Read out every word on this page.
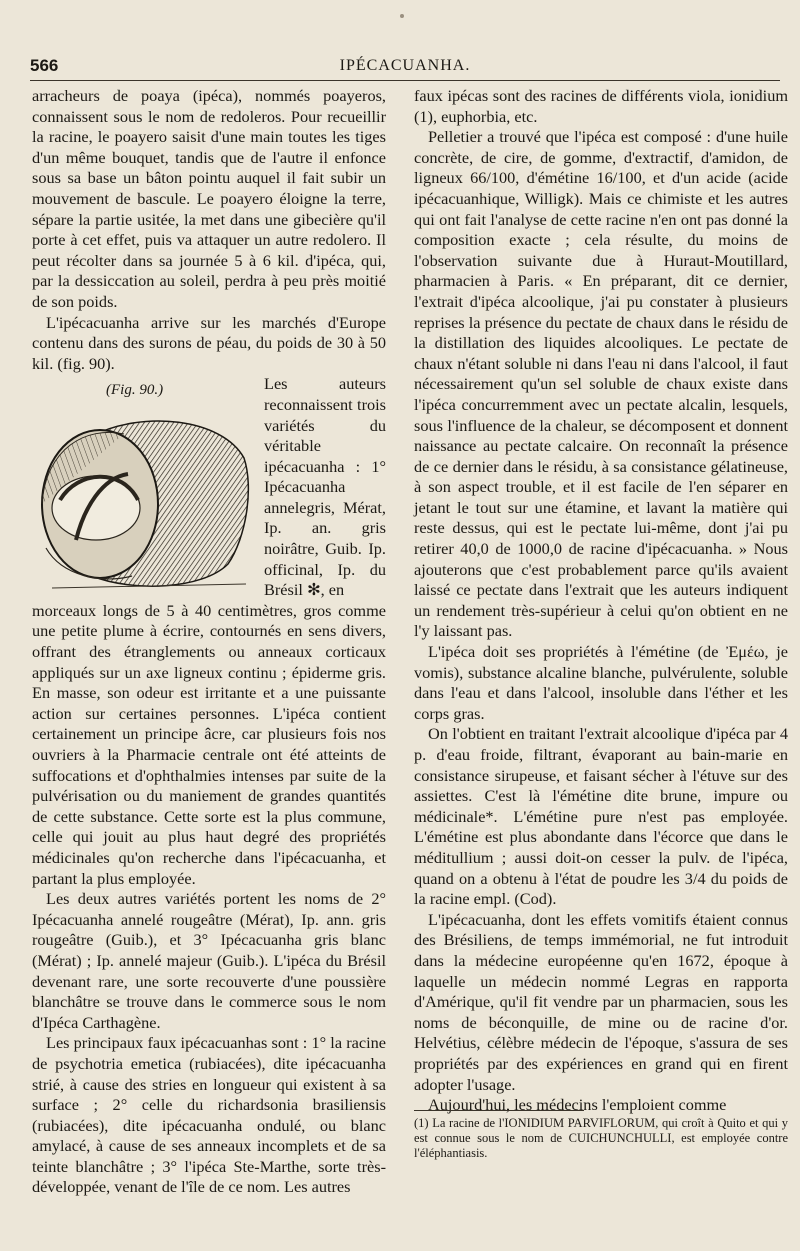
566	IPÉCACUANHA.

arracheurs de poaya (ipéca), nommés poayeros, connaissent sous le nom de redoleros. Pour recueillir la racine, le poayero saisit d'une main toutes les tiges d'un même bouquet, tandis que de l'autre il enfonce sous sa base un bâton pointu auquel il fait subir un mouvement de bascule. Le poayero éloigne la terre, sépare la partie usitée, la met dans une gibecière qu'il porte à cet effet, puis va attaquer un autre redolero. Il peut récolter dans sa journée 5 à 6 kil. d'ipéca, qui, par la dessiccation au soleil, perdra à peu près moitié de son poids.

L'ipécacuanha arrive sur les marchés d'Europe contenu dans des surons de péau, du poids de 30 à 50 kil. (fig. 90).

(Fig. 90.)	Les auteurs reconnaissent trois variétés du véritable ipécacuanha : 1° Ipécacuanha annelegris, Mérat, Ip. an. gris noirâtre, Guib. Ip. officinal, Ip. du Brésil ✻, en

morceaux longs de 5 à 40 centimètres, gros comme une petite plume à écrire, contournés en sens divers, offrant des étranglements ou anneaux corticaux appliqués sur un axe ligneux continu ; épiderme gris. En masse, son odeur est irritante et a une puissante action sur certaines personnes. L'ipéca contient certainement un principe âcre, car plusieurs fois nos ouvriers à la Pharmacie centrale ont été atteints de suffocations et d'ophthalmies intenses par suite de la pulvérisation ou du maniement de grandes quantités de cette substance. Cette sorte est la plus commune, celle qui jouit au plus haut degré des propriétés médicinales qu'on recherche dans l'ipécacuanha, et partant la plus employée.

Les deux autres variétés portent les noms de 2° Ipécacuanha annelé rougeâtre (Mérat), Ip. ann. gris rougeâtre (Guib.), et 3° Ipécacuanha gris blanc (Mérat) ; Ip. annelé majeur (Guib.). L'ipéca du Brésil devenant rare, une sorte recouverte d'une poussière blanchâtre se trouve dans le commerce sous le nom d'Ipéca Carthagène.

Les principaux faux ipécacuanhas sont : 1° la racine de psychotria emetica (rubiacées), dite ipécacuanha strié, à cause des stries en longueur qui existent à sa surface ; 2° celle du richardsonia brasiliensis (rubiacées), dite ipécacuanha ondulé, ou blanc amylacé, à cause de ses anneaux incomplets et de sa teinte blanchâtre ; 3° l'ipéca Ste-Marthe, sorte très-développée, venant de l'île de ce nom. Les autres

faux ipécas sont des racines de différents viola, ionidium (1), euphorbia, etc.

Pelletier a trouvé que l'ipéca est composé : d'une huile concrète, de cire, de gomme, d'extractif, d'amidon, de ligneux 66/100, d'émétine 16/100, et d'un acide (acide ipécacuanhique, Willigk). Mais ce chimiste et les autres qui ont fait l'analyse de cette racine n'en ont pas donné la composition exacte ; cela résulte, du moins de l'observation suivante due à Huraut-Moutillard, pharmacien à Paris. « En préparant, dit ce dernier, l'extrait d'ipéca alcoolique, j'ai pu constater à plusieurs reprises la présence du pectate de chaux dans le résidu de la distillation des liquides alcooliques. Le pectate de chaux n'étant soluble ni dans l'eau ni dans l'alcool, il faut nécessairement qu'un sel soluble de chaux existe dans l'ipéca concurremment avec un pectate alcalin, lesquels, sous l'influence de la chaleur, se décomposent et donnent naissance au pectate calcaire. On reconnaît la présence de ce dernier dans le résidu, à sa consistance gélatineuse, à son aspect trouble, et il est facile de l'en séparer en jetant le tout sur une étamine, et lavant la matière qui reste dessus, qui est le pectate lui-même, dont j'ai pu retirer 40,0 de 1000,0 de racine d'ipécacuanha. » Nous ajouterons que c'est probablement parce qu'ils avaient laissé ce pectate dans l'extrait que les auteurs indiquent un rendement très-supérieur à celui qu'on obtient en ne l'y laissant pas.

L'ipéca doit ses propriétés à l'émétine (de Ἐμέω, je vomis), substance alcaline blanche, pulvérulente, soluble dans l'eau et dans l'alcool, insoluble dans l'éther et les corps gras.

On l'obtient en traitant l'extrait alcoolique d'ipéca par 4 p. d'eau froide, filtrant, évaporant au bain-marie en consistance sirupeuse, et faisant sécher à l'étuve sur des assiettes. C'est là l'émétine dite brune, impure ou médicinale*. L'émétine pure n'est pas employée. L'émétine est plus abondante dans l'écorce que dans le méditullium ; aussi doit-on cesser la pulv. de l'ipéca, quand on a obtenu à l'état de poudre les 3/4 du poids de la racine empl. (Cod).

L'ipécacuanha, dont les effets vomitifs étaient connus des Brésiliens, de temps immémorial, ne fut introduit dans la médecine européenne qu'en 1672, époque à laquelle un médecin nommé Legras en rapporta d'Amérique, qu'il fit vendre par un pharmacien, sous les noms de béconquille, de mine ou de racine d'or. Helvétius, célèbre médecin de l'époque, s'assura de ses propriétés par des expériences en grand qui en firent adopter l'usage.

Aujourd'hui, les médecins l'emploient comme

(1) La racine de l'IONIDIUM PARVIFLORUM, qui croît à Quito et qui y est connue sous le nom de CUICHUNCHULLI, est employée contre l'éléphantiasis.
